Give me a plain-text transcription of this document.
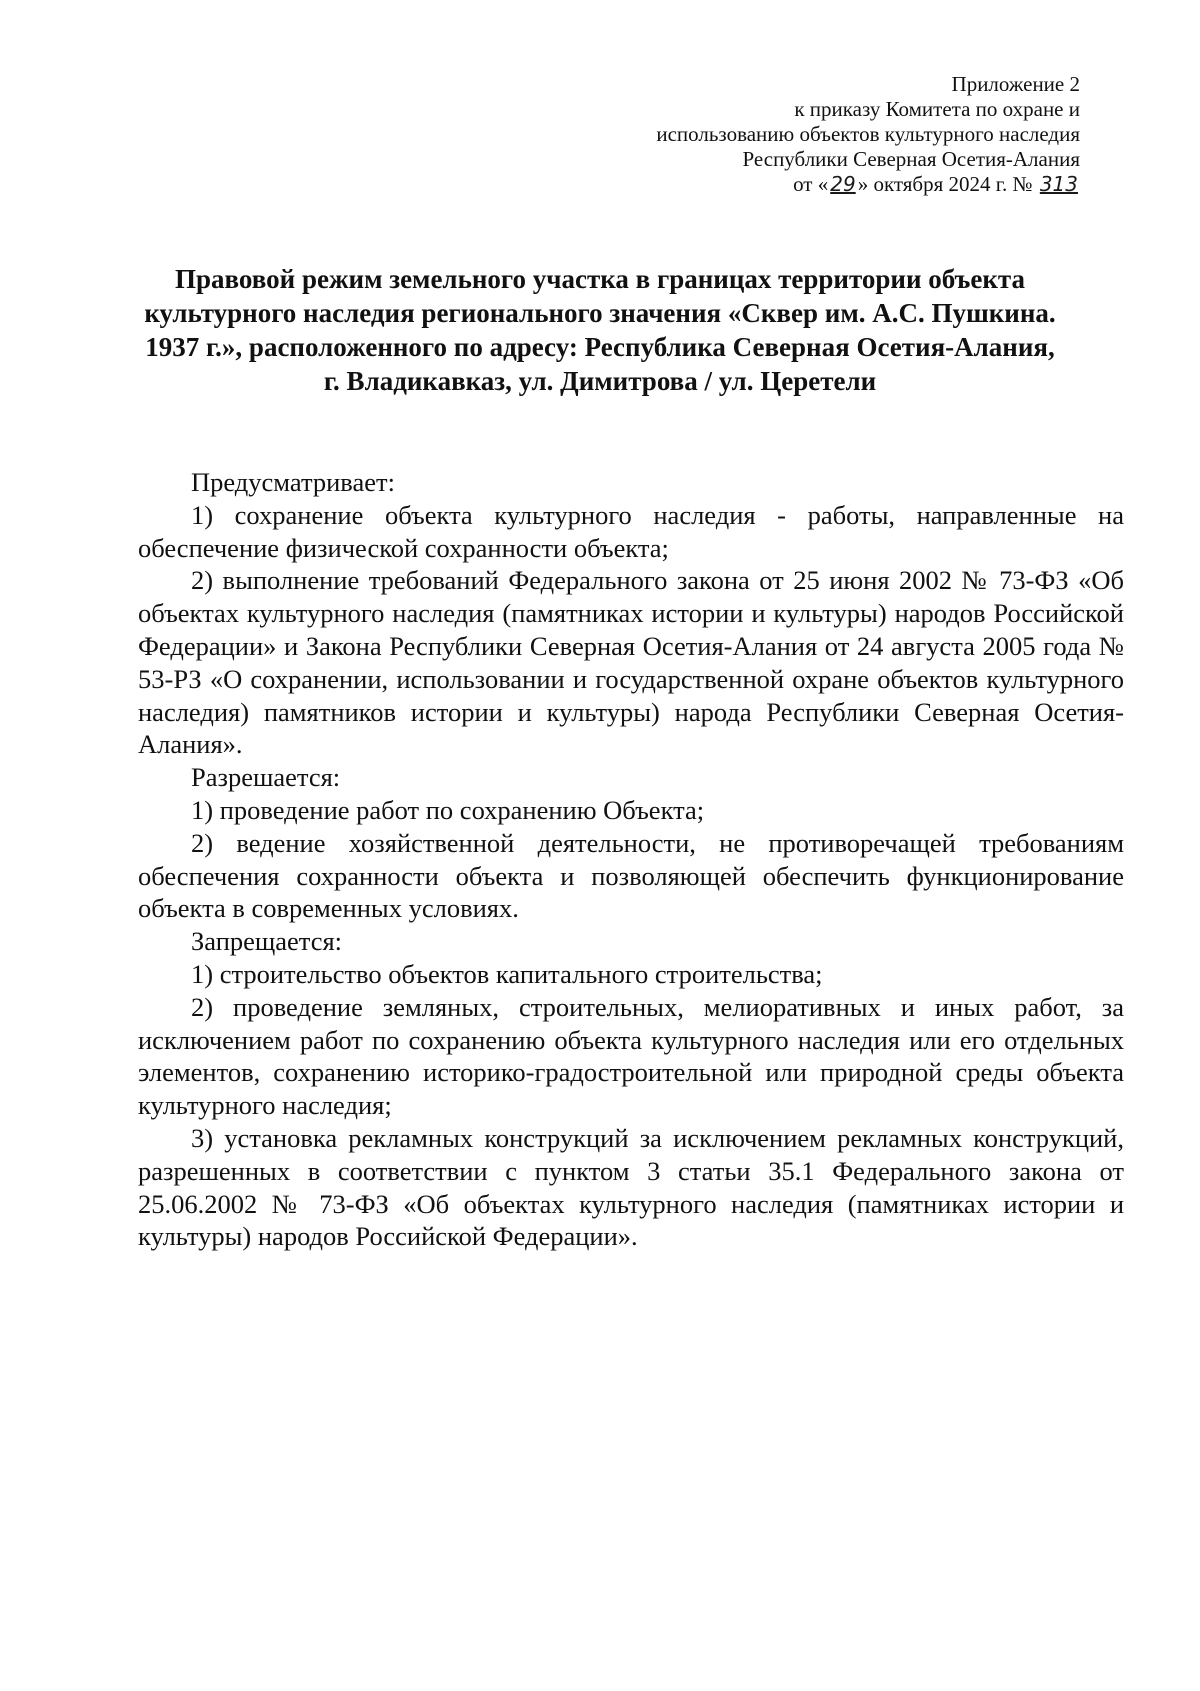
Приложение 2
к приказу Комитета по охране и
использованию объектов культурного наследия
Республики Северная Осетия-Алания
от « 29» октября 2024 г. № 313
Правовой режим земельного участка в границах территории объекта
культурного наследия регионального значения «Сквер им. А.С. Пушкина.
1937 г.», расположенного по адресу: Республика Северная Осетия-Алания,
г. Владикавказ, ул. Димитрова / ул. Церетели

Предусматривает:

1) сохранение объекта культурного наследия - работы, направленные на обеспечение физической сохранности объекта;

2) выполнение требований Федерального закона от 25 июня 2002 № 73-ФЗ «Об объектах культурного наследия (памятниках истории и культуры) народов Российской Федерации» и Закона Республики Северная Осетия-Алания от 24 августа 2005 года № 53-РЗ «О сохранении, использовании и государственной охране объектов культурного наследия) памятников истории и культуры) народа Республики Северная Осетия-Алания».

Разрешается:

1) проведение работ по сохранению Объекта;

2) ведение хозяйственной деятельности, не противоречащей требованиям обеспечения сохранности объекта и позволяющей обеспечить функционирование объекта в современных условиях.

Запрещается:

1) строительство объектов капитального строительства;

2) проведение земляных, строительных, мелиоративных и иных работ, за исключением работ по сохранению объекта культурного наследия или его отдельных элементов, сохранению историко-градостроительной или природной среды объекта культурного наследия;

3) установка рекламных конструкций за исключением рекламных конструкций, разрешенных в соответствии с пунктом 3 статьи 35.1 Федерального закона от 25.06.2002 № 73-ФЗ «Об объектах культурного наследия (памятниках истории и культуры) народов Российской Федерации».
